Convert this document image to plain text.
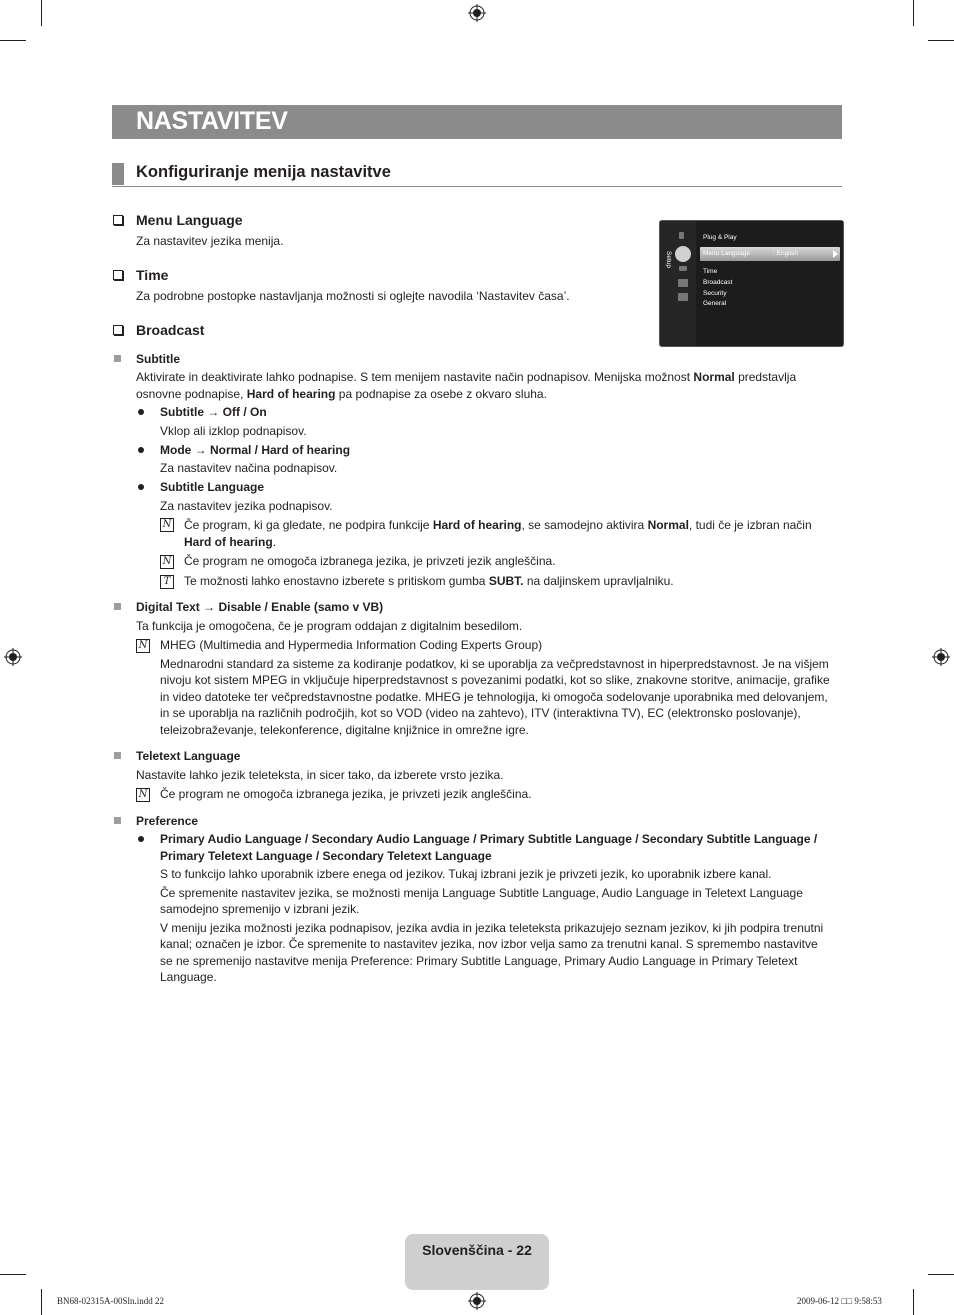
NASTAVITEV
Konfiguriranje menija nastavitve
Menu Language
Za nastavitev jezika menija.
Time
Za podrobne postopke nastavljanja možnosti si oglejte navodila ‘Nastavitev časa’.
Broadcast
Setup
Plug & Play
Menu Language	: English
Time
Broadcast
Security
General
Subtitle
Aktivirate in deaktivirate lahko podnapise. S tem menijem nastavite način podnapisov. Menijska možnost Normal predstavlja
osnovne podnapise, Hard of hearing pa podnapise za osebe z okvaro sluha.
Subtitle → Off / On
Vklop ali izklop podnapisov.
Mode → Normal / Hard of hearing
Za nastavitev načina podnapisov.
Subtitle Language
Za nastavitev jezika podnapisov.
N Če program, ki ga gledate, ne podpira funkcije Hard of hearing, se samodejno aktivira Normal, tudi če je izbran način
Hard of hearing.
N Če program ne omogoča izbranega jezika, je privzeti jezik angleščina.
T	Te možnosti lahko enostavno izberete s pritiskom gumba SUBT. na daljinskem upravljalniku.
Digital Text → Disable / Enable (samo v VB)
Ta funkcija je omogočena, če je program oddajan z digitalnim besedilom.
N MHEG (Multimedia and Hypermedia Information Coding Experts Group)
Mednarodni standard za sisteme za kodiranje podatkov, ki se uporablja za večpredstavnost in hiperpredstavnost. Je na višjem
nivoju kot sistem MPEG in vključuje hiperpredstavnost s povezanimi podatki, kot so slike, znakovne storitve, animacije, grafike
in video datoteke ter večpredstavnostne podatke. MHEG je tehnologija, ki omogoča sodelovanje uporabnika med delovanjem,
in se uporablja na različnih področjih, kot so VOD (video na zahtevo), ITV (interaktivna TV), EC (elektronsko poslovanje),
teleizobraževanje, telekonference, digitalne knjižnice in omrežne igre.
Teletext Language
Nastavite lahko jezik teleteksta, in sicer tako, da izberete vrsto jezika.
N Če program ne omogoča izbranega jezika, je privzeti jezik angleščina.
Preference
Primary Audio Language / Secondary Audio Language / Primary Subtitle Language / Secondary Subtitle Language /
Primary Teletext Language / Secondary Teletext Language
S to funkcijo lahko uporabnik izbere enega od jezikov. Tukaj izbrani jezik je privzeti jezik, ko uporabnik izbere kanal.
Če spremenite nastavitev jezika, se možnosti menija Language Subtitle Language, Audio Language in Teletext Language
samodejno spremenijo v izbrani jezik.
V meniju jezika možnosti jezika podnapisov, jezika avdia in jezika teleteksta prikazujejo seznam jezikov, ki jih podpira trenutni
kanal; označen je izbor. Če spremenite to nastavitev jezika, nov izbor velja samo za trenutni kanal. S spremembo nastavitve
se ne spremenijo nastavitve menija Preference: Primary Subtitle Language, Primary Audio Language in Primary Teletext
Language.
Slovenščina - 22
BN68-02315A-00Sln.indd 22	2009-06-12 □□ 9:58:53
